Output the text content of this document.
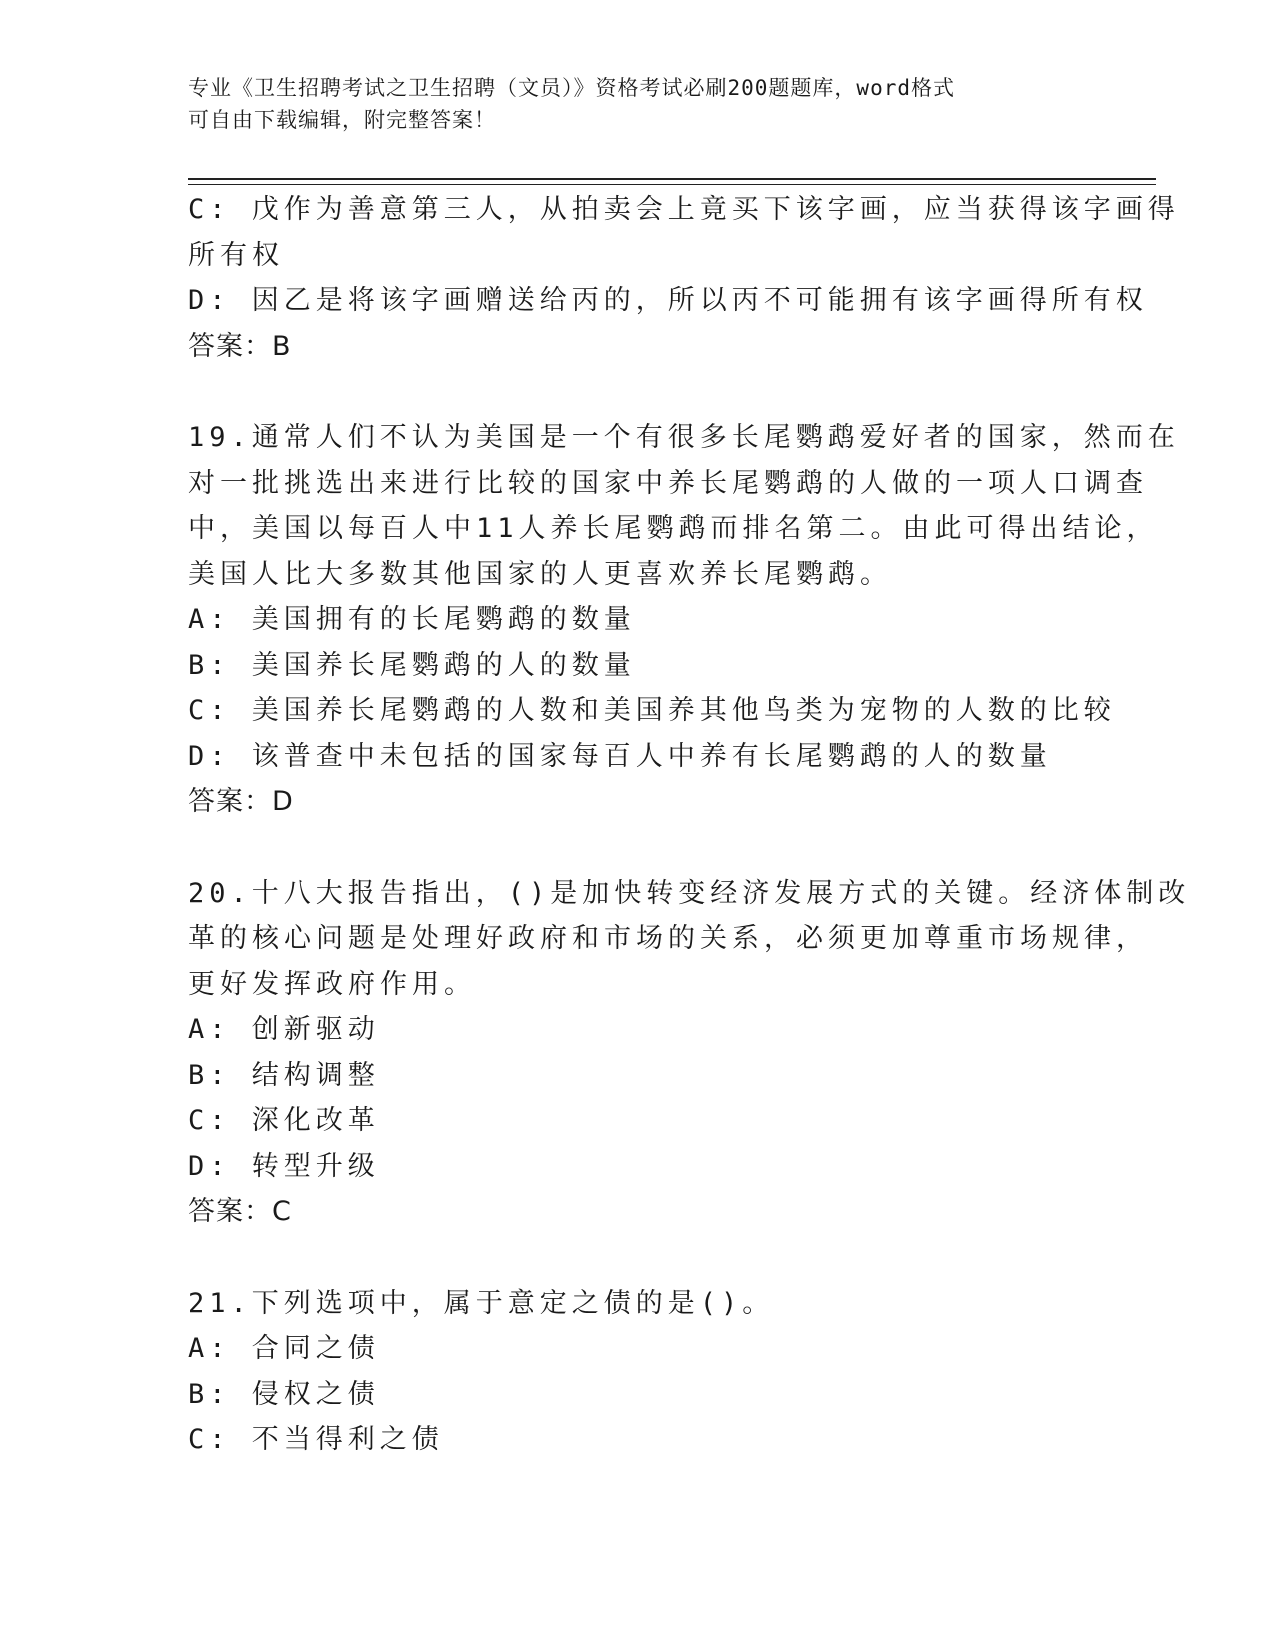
专业《卫生招聘考试之卫生招聘（文员）》资格考试必刷200题题库，word格式
可自由下载编辑，附完整答案！
C: 戊作为善意第三人，从拍卖会上竟买下该字画，应当获得该字画得
所有权
D: 因乙是将该字画赠送给丙的，所以丙不可能拥有该字画得所有权
答案：B
19.通常人们不认为美国是一个有很多长尾鹦鹉爱好者的国家，然而在
对一批挑选出来进行比较的国家中养长尾鹦鹉的人做的一项人口调查
中，美国以每百人中11人养长尾鹦鹉而排名第二。由此可得出结论，
美国人比大多数其他国家的人更喜欢养长尾鹦鹉。
A: 美国拥有的长尾鹦鹉的数量
B: 美国养长尾鹦鹉的人的数量
C: 美国养长尾鹦鹉的人数和美国养其他鸟类为宠物的人数的比较
D: 该普查中未包括的国家每百人中养有长尾鹦鹉的人的数量
答案：D
20.十八大报告指出，()是加快转变经济发展方式的关键。经济体制改
革的核心问题是处理好政府和市场的关系，必须更加尊重市场规律，
更好发挥政府作用。
A: 创新驱动
B: 结构调整
C: 深化改革
D: 转型升级
答案：C
21.下列选项中，属于意定之债的是()。
A: 合同之债
B: 侵权之债
C: 不当得利之债
